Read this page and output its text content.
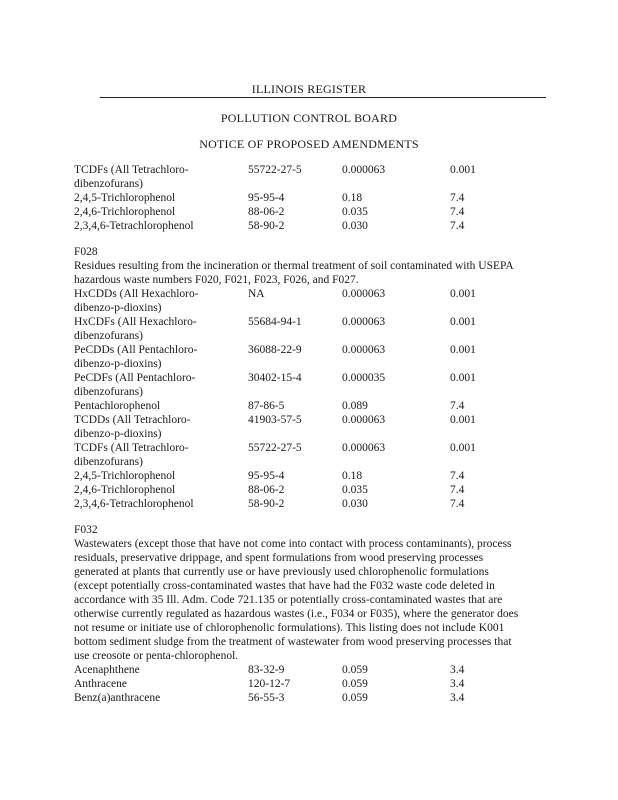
ILLINOIS REGISTER
POLLUTION CONTROL BOARD
NOTICE OF PROPOSED AMENDMENTS
TCDFs (All Tetrachloro-	55722-27-5	0.000063	0.001
dibenzofurans)
2,4,5-Trichlorophenol	95-95-4	0.18	7.4
2,4,6-Trichlorophenol	88-06-2	0.035	7.4
2,3,4,6-Tetrachlorophenol	58-90-2	0.030	7.4
F028
Residues resulting from the incineration or thermal treatment of soil contaminated with USEPA
hazardous waste numbers F020, F021, F023, F026, and F027.
HxCDDs (All Hexachloro-	NA	0.000063	0.001
dibenzo-p-dioxins)
HxCDFs (All Hexachloro-	55684-94-1	0.000063	0.001
dibenzofurans)
PeCDDs (All Pentachloro-	36088-22-9	0.000063	0.001
dibenzo-p-dioxins)
PeCDFs (All Pentachloro-	30402-15-4	0.000035	0.001
dibenzofurans)
Pentachlorophenol	87-86-5	0.089	7.4
TCDDs (All Tetrachloro-	41903-57-5	0.000063	0.001
dibenzo-p-dioxins)
TCDFs (All Tetrachloro-	55722-27-5	0.000063	0.001
dibenzofurans)
2,4,5-Trichlorophenol	95-95-4	0.18	7.4
2,4,6-Trichlorophenol	88-06-2	0.035	7.4
2,3,4,6-Tetrachlorophenol	58-90-2	0.030	7.4
F032
Wastewaters (except those that have not come into contact with process contaminants), process
residuals, preservative drippage, and spent formulations from wood preserving processes
generated at plants that currently use or have previously used chlorophenolic formulations
(except potentially cross-contaminated wastes that have had the F032 waste code deleted in
accordance with 35 Ill. Adm. Code 721.135 or potentially cross-contaminated wastes that are
otherwise currently regulated as hazardous wastes (i.e., F034 or F035), where the generator does
not resume or initiate use of chlorophenolic formulations). This listing does not include K001
bottom sediment sludge from the treatment of wastewater from wood preserving processes that
use creosote or penta-chlorophenol.
Acenaphthene	83-32-9	0.059	3.4
Anthracene	120-12-7	0.059	3.4
Benz(a)anthracene	56-55-3	0.059	3.4
